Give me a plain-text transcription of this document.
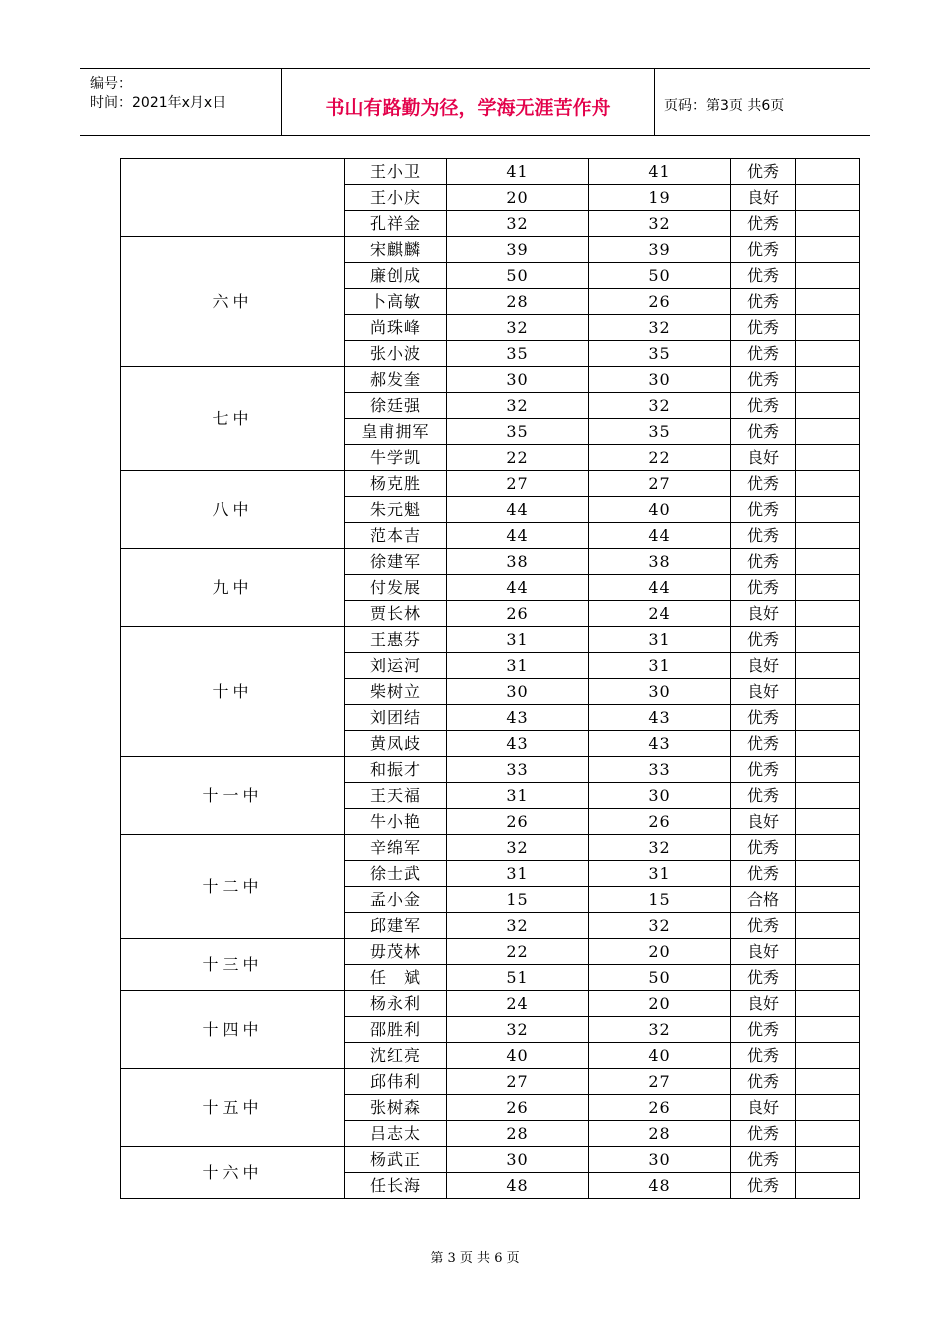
编号：
时间：2021年x月x日	书山有路勤为径，学海无涯苦作舟	页码：第3页 共6页
	王小卫	41	41	优秀	
	王小庆	20	19	良好	
	孔祥金	32	32	优秀	
六中	宋麒麟	39	39	优秀	
	廉创成	50	50	优秀	
	卜高敏	28	26	优秀	
	尚珠峰	32	32	优秀	
	张小波	35	35	优秀	
七中	郝发奎	30	30	优秀	
	徐廷强	32	32	优秀	
	皇甫拥军	35	35	优秀	
	牛学凯	22	22	良好	
八中	杨克胜	27	27	优秀	
	朱元魁	44	40	优秀	
	范本吉	44	44	优秀	
九中	徐建军	38	38	优秀	
	付发展	44	44	优秀	
	贾长林	26	24	良好	
十中	王惠芬	31	31	优秀	
	刘运河	31	31	良好	
	柴树立	30	30	良好	
	刘团结	43	43	优秀	
	黄凤歧	43	43	优秀	
十一中	和振才	33	33	优秀	
	王天福	31	30	优秀	
	牛小艳	26	26	良好	
十二中	辛绵军	32	32	优秀	
	徐士武	31	31	优秀	
	孟小金	15	15	合格	
	邱建军	32	32	优秀	
十三中	毋茂林	22	20	良好	
	任　斌	51	50	优秀	
十四中	杨永利	24	20	良好	
	邵胜利	32	32	优秀	
	沈红亮	40	40	优秀	
十五中	邱伟利	27	27	优秀	
	张树森	26	26	良好	
	吕志太	28	28	优秀	
十六中	杨武正	30	30	优秀	
	任长海	48	48	优秀	
第 3 页 共 6 页
